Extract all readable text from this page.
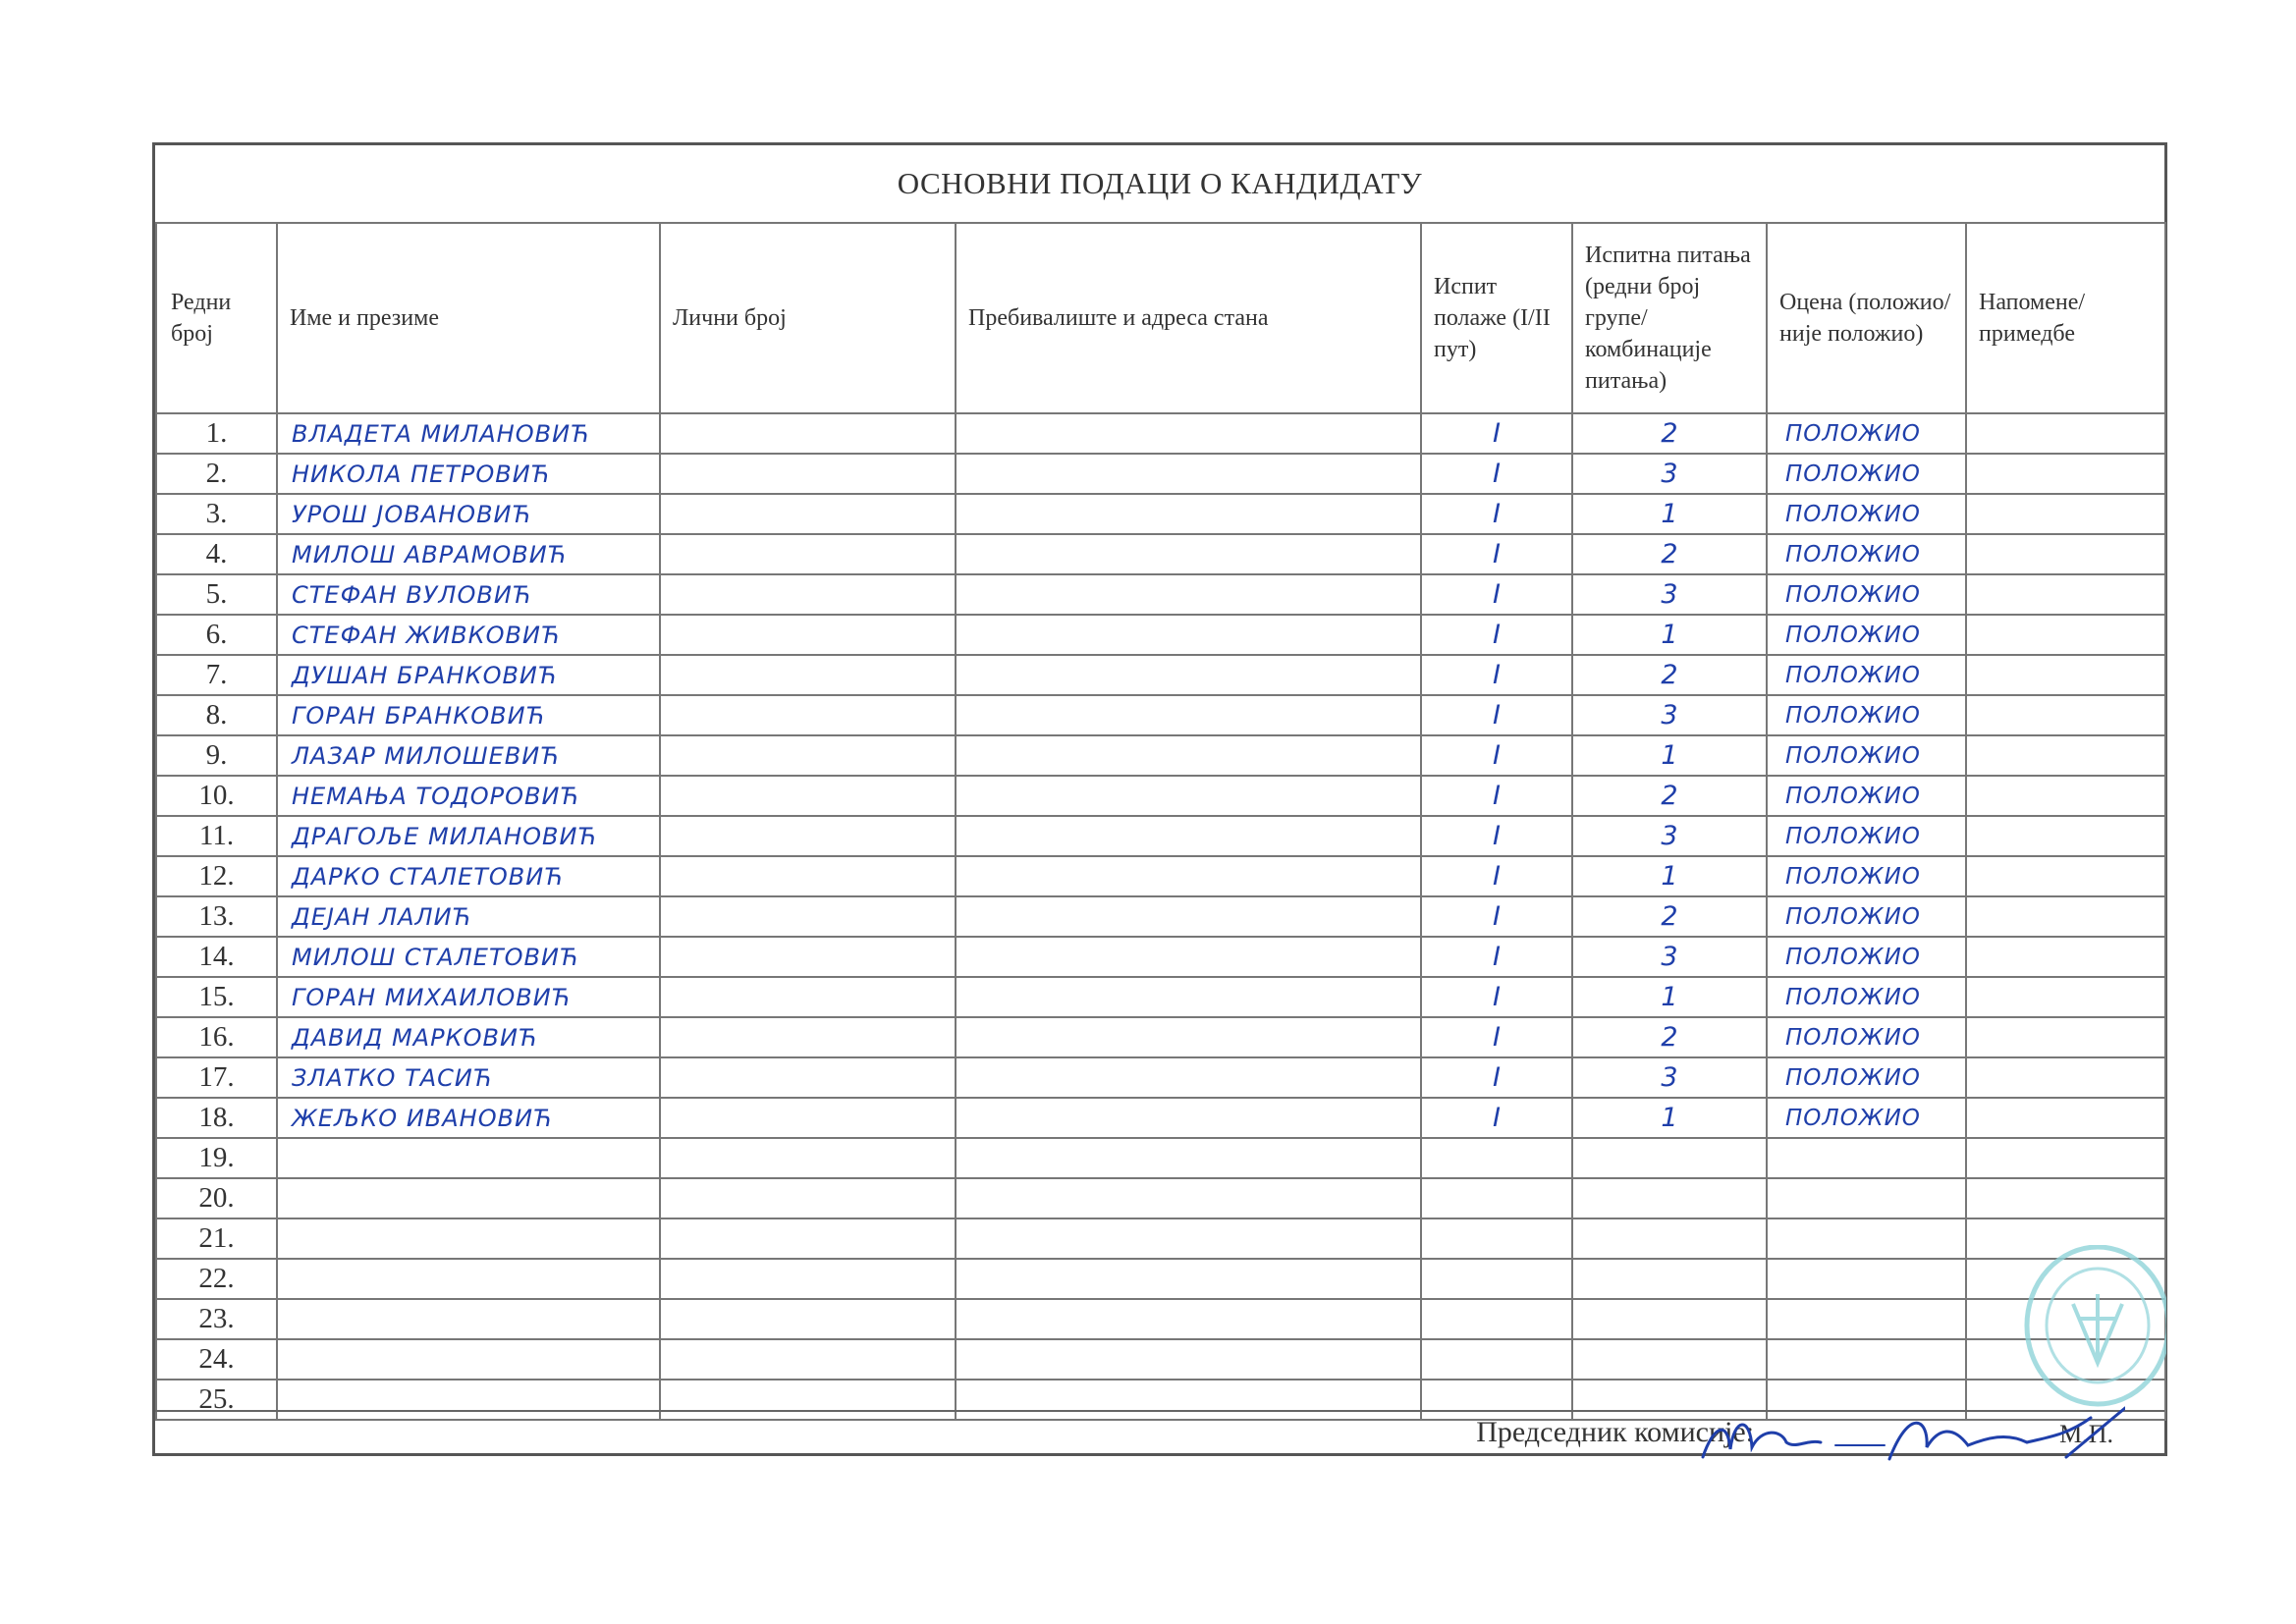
ОСНОВНИ ПОДАЦИ О КАНДИДАТУ
Редни број	Име и презиме	Лични број	Пребивалиште и адреса стана	Испит полаже (I/II пут)	Испитна питања (редни број групе/ комбинације питања)	Оцена (положио/ није положио)	Напомене/ примедбе
1.	ВЛАДЕТА МИЛАНОВИЋ			I	2	ПОЛОЖИО	
2.	НИКОЛА ПЕТРОВИЋ			I	3	ПОЛОЖИО	
3.	УРОШ ЈОВАНОВИЋ			I	1	ПОЛОЖИО	
4.	МИЛОШ АВРАМОВИЋ			I	2	ПОЛОЖИО	
5.	СТЕФАН ВУЛОВИЋ			I	3	ПОЛОЖИО	
6.	СТЕФАН ЖИВКОВИЋ			I	1	ПОЛОЖИО	
7.	ДУШАН БРАНКОВИЋ			I	2	ПОЛОЖИО	
8.	ГОРАН БРАНКОВИЋ			I	3	ПОЛОЖИО	
9.	ЛАЗАР МИЛОШЕВИЋ			I	1	ПОЛОЖИО	
10.	НЕМАЊА ТОДОРОВИЋ			I	2	ПОЛОЖИО	
11.	ДРАГОЉЕ МИЛАНОВИЋ			I	3	ПОЛОЖИО	
12.	ДАРКО СТАЛЕТОВИЋ			I	1	ПОЛОЖИО	
13.	ДЕЈАН ЛАЛИЋ			I	2	ПОЛОЖИО	
14.	МИЛОШ СТАЛЕТОВИЋ			I	3	ПОЛОЖИО	
15.	ГОРАН МИХАИЛОВИЋ			I	1	ПОЛОЖИО	
16.	ДАВИД МАРКОВИЋ			I	2	ПОЛОЖИО	
17.	ЗЛАТКО ТАСИЋ			I	3	ПОЛОЖИО	
18.	ЖЕЉКО ИВАНОВИЋ			I	1	ПОЛОЖИО	
19.							
20.							
21.							
22.							
23.							
24.							
25.							
Председник комисије:	М.П.
